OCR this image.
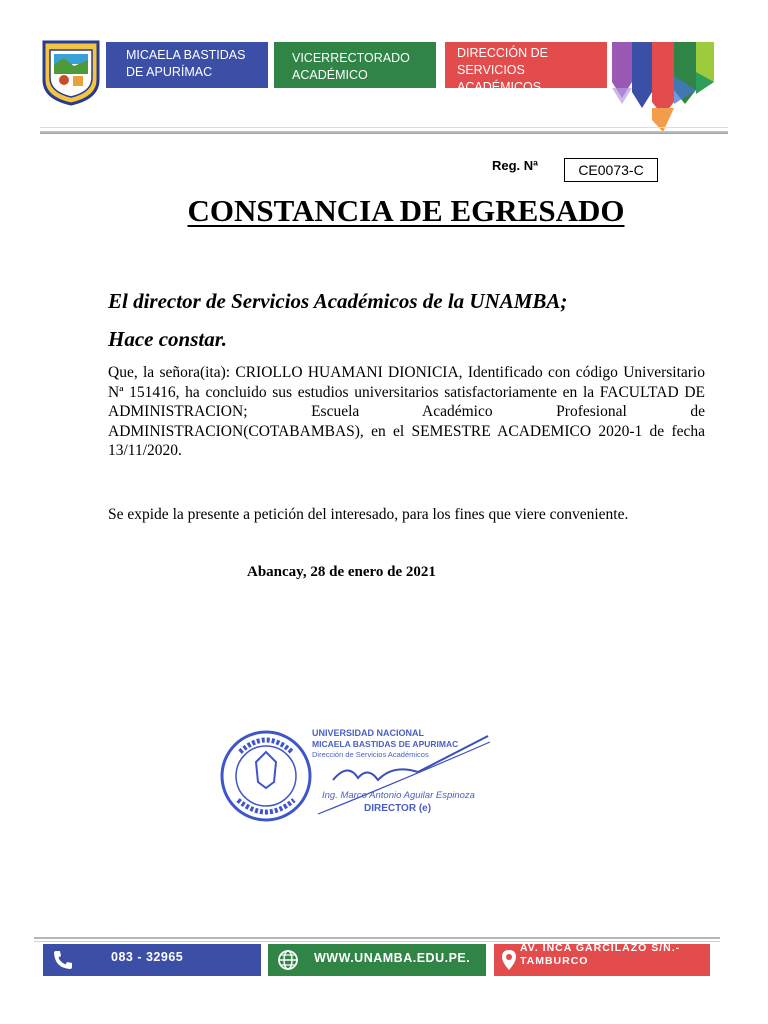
MICAELA BASTIDAS
DE APURÍMAC
VICERRECTORADO
ACADÉMICO
DIRECCIÓN DE
SERVICIOS ACADÉMICOS
Reg. Nª	CE0073-C
CONSTANCIA DE EGRESADO
El director de Servicios Académicos de la UNAMBA;
Hace constar.
Que, la señora(ita): CRIOLLO HUAMANI DIONICIA, Identificado con código Universitario Nª 151416, ha concluido sus estudios universitarios satisfactoriamente en la FACULTAD DE ADMINISTRACION; Escuela Académico Profesional de ADMINISTRACION(COTABAMBAS), en el SEMESTRE ACADEMICO 2020-1 de fecha 13/11/2020.
Se expide la presente a petición del interesado, para los fines que viere conveniente.
Abancay, 28 de enero de 2021
UNIVERSIDAD NACIONAL
MICAELA BASTIDAS DE APURIMAC
Dirección de Servicios Académicos
Ing. Marco Antonio Aguilar Espinoza
DIRECTOR (e)
083 - 32965	WWW.UNAMBA.EDU.PE.
AV. INCA GARCILAZO S/N.-
TAMBURCO
